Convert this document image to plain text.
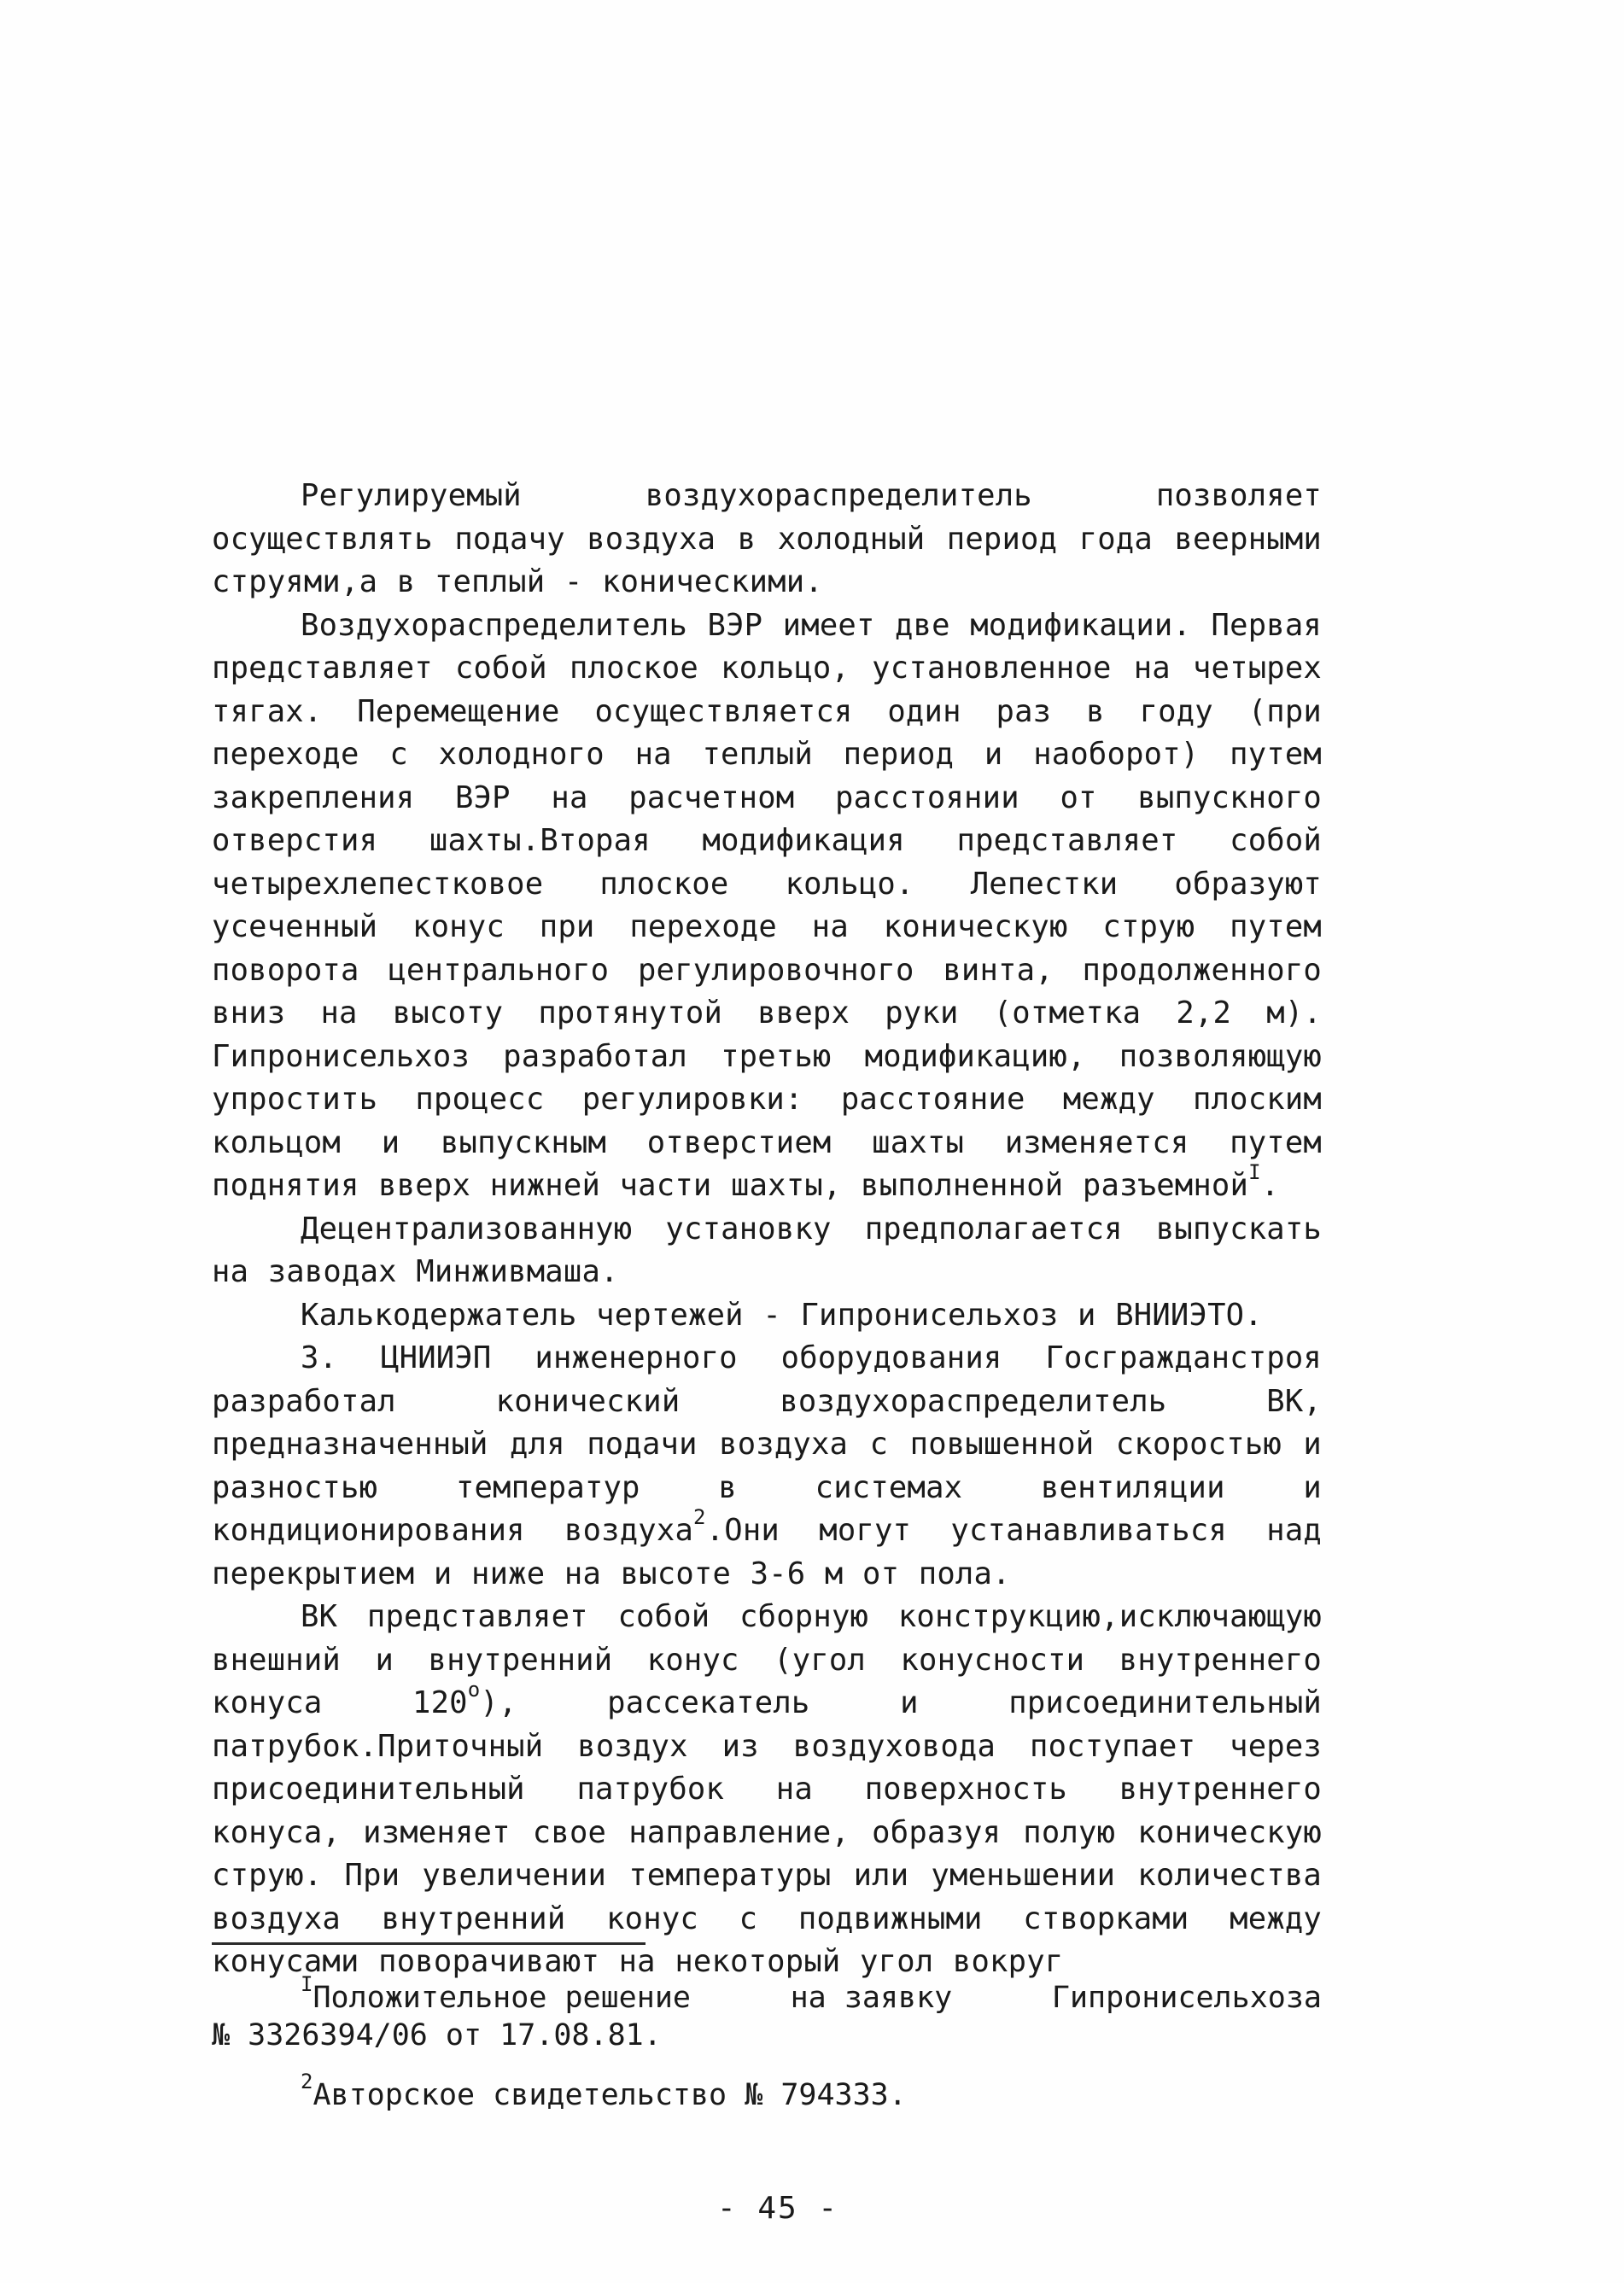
Регулируемый воздухораспределитель позволяет осуществлять подачу воздуха в холодный период года веерными струями,а в теплый - коническими.

Воздухораспределитель ВЭР имеет две модификации. Первая представляет собой плоское кольцо, установленное на четырех тягах. Перемещение осуществляется один раз в году (при переходе с холодного на теплый период и наоборот) путем закрепления ВЭР на расчетном расстоянии от выпускного отверстия шахты.Вторая модификация представляет собой четырехлепестковое плоское кольцо. Лепестки образуют усеченный конус при переходе на коническую струю путем поворота центрального регулировочного винта, продолженного вниз на высоту протянутой вверх руки (отметка 2,2 м). Гипронисельхоз разработал третью модификацию, позволяющую упростить процесс регулировки: расстояние между плоским кольцом и выпускным отверстием шахты изменяется путем поднятия вверх нижней части шахты, выполненной разъемной$^I$.

Децентрализованную установку предполагается выпускать на заводах Минживмаша.

Калькодержатель чертежей - Гипронисельхоз и ВНИИЭТО.

3. ЦНИИЭП инженерного оборудования Госгражданстроя разработал конический воздухораспределитель ВК, предназначенный для подачи воздуха с повышенной скоростью и разностью температур в системах вентиляции и кондиционирования воздуха$^2$.Они могут устанавливаться над перекрытием и ниже на высоте 3-6 м от пола.

ВК представляет собой сборную конструкцию,исключающую внешний и внутренний конус (угол конусности внутреннего конуса 120$^o$), рассекатель и присоединительный патрубок.Приточный воздух из воздуховода поступает через присоединительный патрубок на поверхность внутреннего конуса, изменяет свое направление, образуя полую коническую струю. При увеличении температуры или уменьшении количества воздуха внутренний конус с подвижными створками между конусами поворачивают на некоторый угол вокруг

$^I$Положительное решение	на заявку	Гипронисельхоза
№ 3326394/06 от 17.08.81.
$^2$Авторское свидетельство № 794333.
- 45 -
